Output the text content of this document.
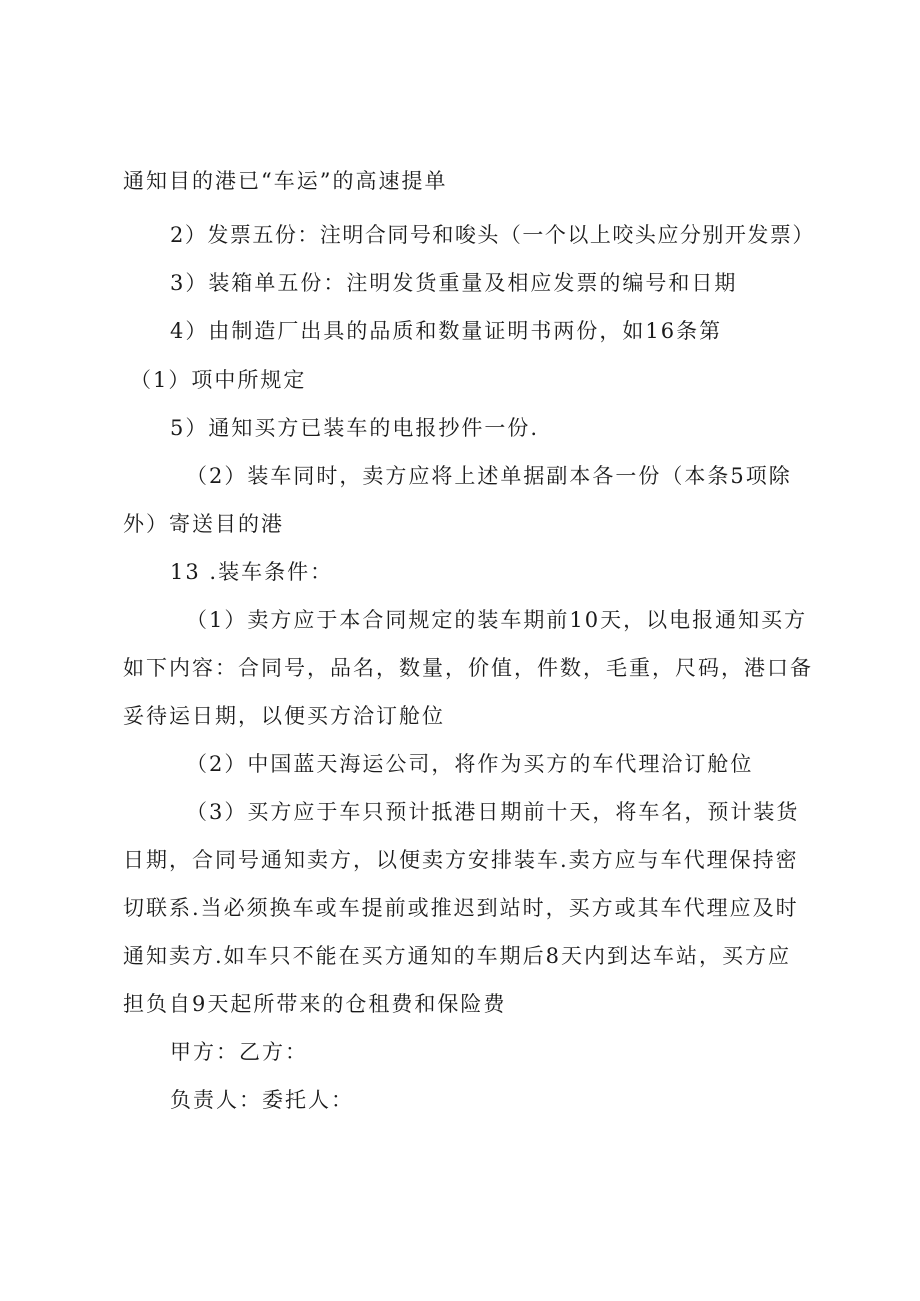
通知目的港已“车运”的高速提单
2）发票五份：注明合同号和唆头（一个以上咬头应分别开发票）
3）装箱单五份：注明发货重量及相应发票的编号和日期
4）由制造厂出具的品质和数量证明书两份，如16条第
（1）项中所规定
5）通知买方已装车的电报抄件一份.
（2）装车同时，卖方应将上述单据副本各一份（本条5项除
外）寄送目的港
13 .装车条件：
（1）卖方应于本合同规定的装车期前10天，以电报通知买方
如下内容：合同号，品名，数量，价值，件数，毛重，尺码，港口备
妥待运日期，以便买方洽订舱位
（2）中国蓝天海运公司，将作为买方的车代理洽订舱位
（3）买方应于车只预计抵港日期前十天，将车名，预计装货
日期，合同号通知卖方，以便卖方安排装车.卖方应与车代理保持密
切联系.当必须换车或车提前或推迟到站时，买方或其车代理应及时
通知卖方.如车只不能在买方通知的车期后8天内到达车站，买方应
担负自9天起所带来的仓租费和保险费
甲方：乙方：
负责人：委托人：
